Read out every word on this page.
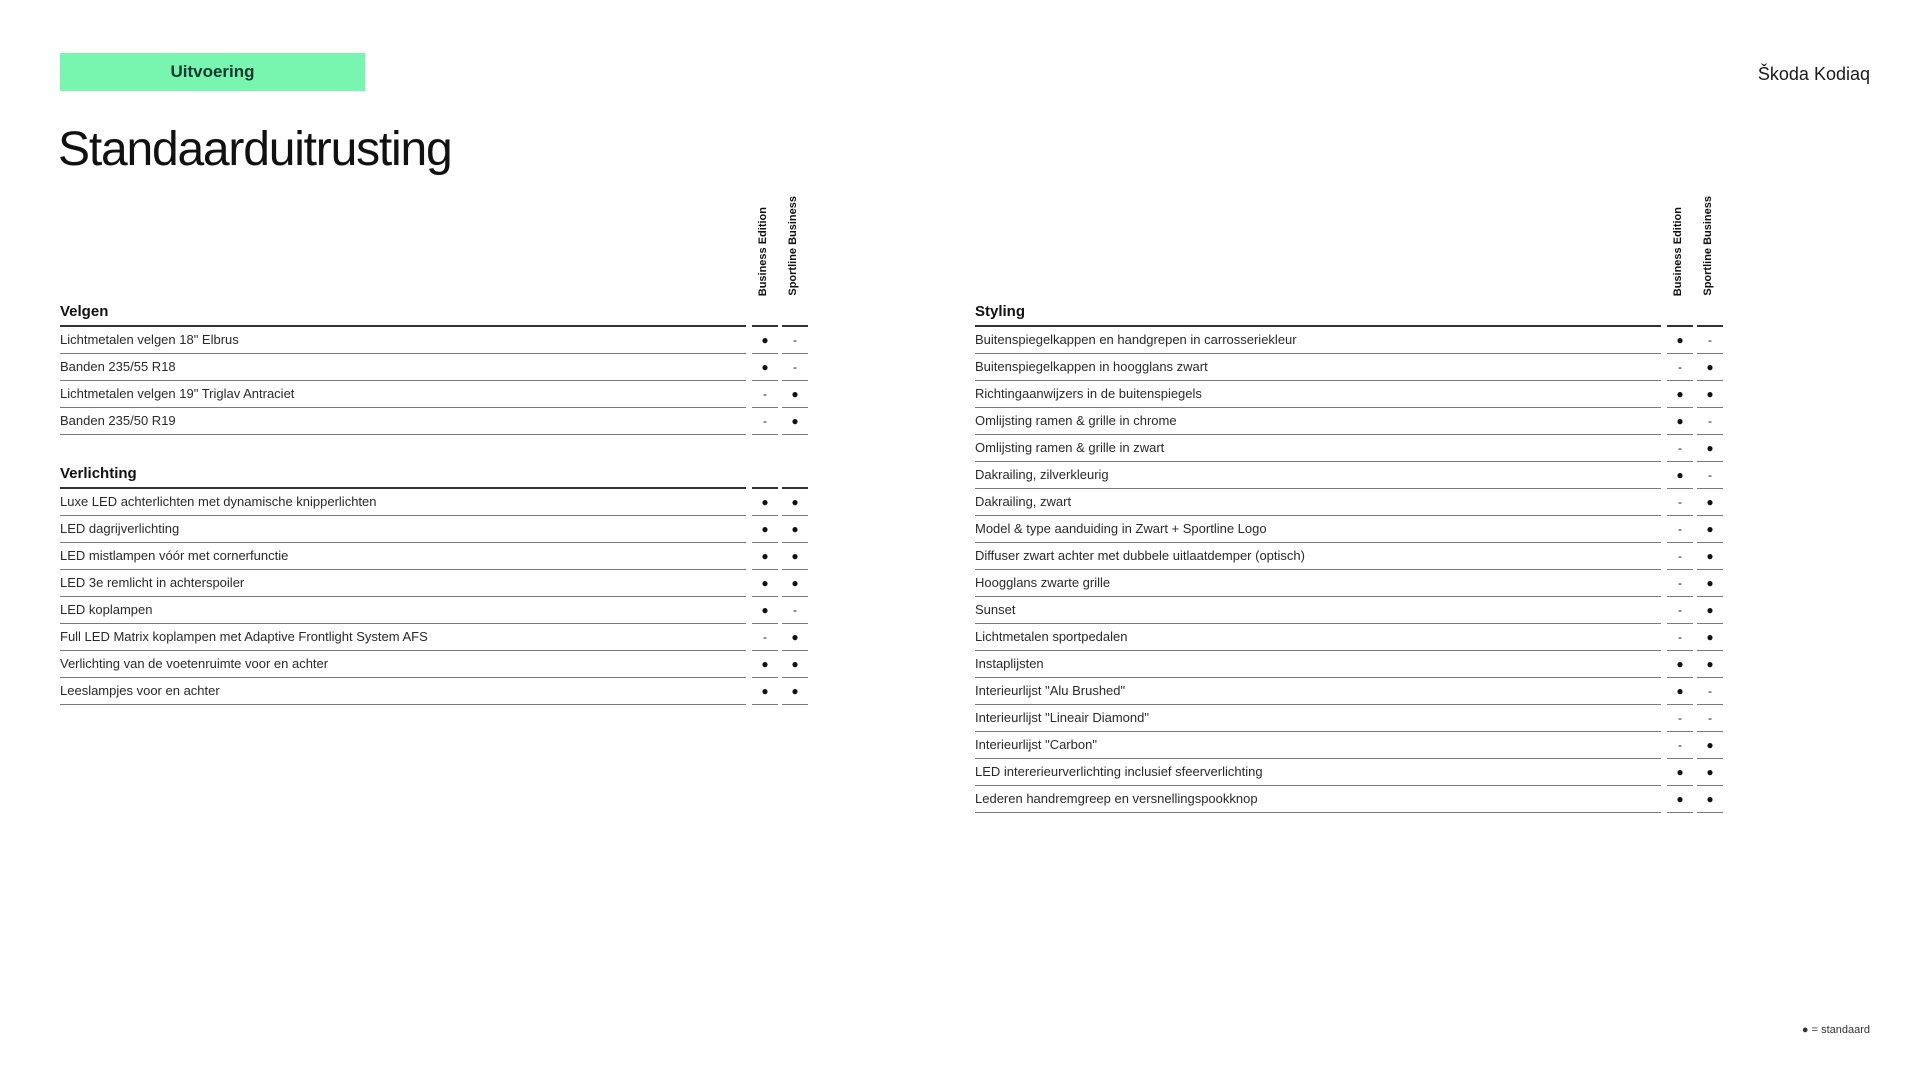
Uitvoering	Škoda Kodiaq
Standaarduitrusting
Business Edition Sportline Business
Velgen
Lichtmetalen velgen 18" Elbrus	●	-
Banden 235/55 R18	●	-
Lichtmetalen velgen 19" Triglav Antraciet	-	●
Banden 235/50 R19	-	●
Verlichting
Luxe LED achterlichten met dynamische knipperlichten	●	●
LED dagrijverlichting	●	●
LED mistlampen vóór met cornerfunctie	●	●
LED 3e remlicht in achterspoiler	●	●
LED koplampen	●	-
Full LED Matrix koplampen met Adaptive Frontlight System AFS	-	●
Verlichting van de voetenruimte voor en achter	●	●
Leeslampjes voor en achter	●	●
Business Edition Sportline Business
Styling
Buitenspiegelkappen en handgrepen in carrosseriekleur	●	-
Buitenspiegelkappen in hoogglans zwart	-	●
Richtingaanwijzers in de buitenspiegels	●	●
Omlijsting ramen & grille in chrome	●	-
Omlijsting ramen & grille in zwart	-	●
Dakrailing, zilverkleurig	●	-
Dakrailing, zwart	-	●
Model & type aanduiding in Zwart + Sportline Logo	-	●
Diffuser zwart achter met dubbele uitlaatdemper (optisch)	-	●
Hoogglans zwarte grille	-	●
Sunset	-	●
Lichtmetalen sportpedalen	-	●
Instaplijsten	●	●
Interieurlijst "Alu Brushed"	●	-
Interieurlijst "Lineair Diamond"	-	-
Interieurlijst "Carbon"	-	●
LED intererieurverlichting inclusief sfeerverlichting	●	●
Lederen handremgreep en versnellingspookknop	●	●
● = standaard
